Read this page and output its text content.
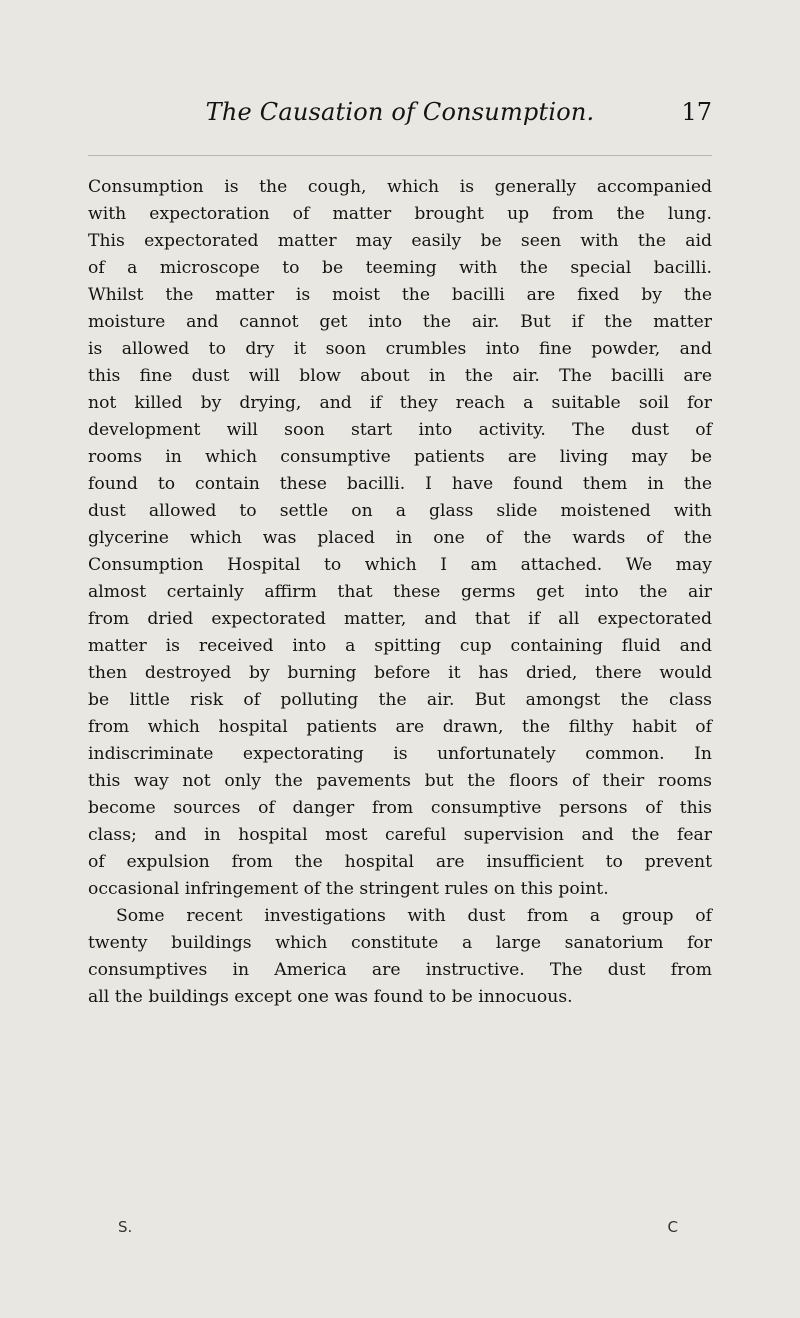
The Causation of Consumption.	17
Consumption is the cough, which is generally accompanied
with expectoration of matter brought up from the lung.
This expectorated matter may easily be seen with the aid
of a microscope to be teeming with the special bacilli.
Whilst the matter is moist the bacilli are fixed by the
moisture and cannot get into the air. But if the matter
is allowed to dry it soon crumbles into fine powder, and
this fine dust will blow about in the air. The bacilli are
not killed by drying, and if they reach a suitable soil for
development will soon start into activity. The dust of
rooms in which consumptive patients are living may be
found to contain these bacilli. I have found them in the
dust allowed to settle on a glass slide moistened with
glycerine which was placed in one of the wards of the
Consumption Hospital to which I am attached. We may
almost certainly affirm that these germs get into the air
from dried expectorated matter, and that if all expectorated
matter is received into a spitting cup containing fluid and
then destroyed by burning before it has dried, there would
be little risk of polluting the air. But amongst the class
from which hospital patients are drawn, the filthy habit of
indiscriminate expectorating is unfortunately common. In
this way not only the pavements but the floors of their rooms
become sources of danger from consumptive persons of this
class; and in hospital most careful supervision and the fear
of expulsion from the hospital are insufficient to prevent
occasional infringement of the stringent rules on this point.
Some recent investigations with dust from a group of
twenty buildings which constitute a large sanatorium for
consumptives in America are instructive. The dust from
all the buildings except one was found to be innocuous.
S.	C
